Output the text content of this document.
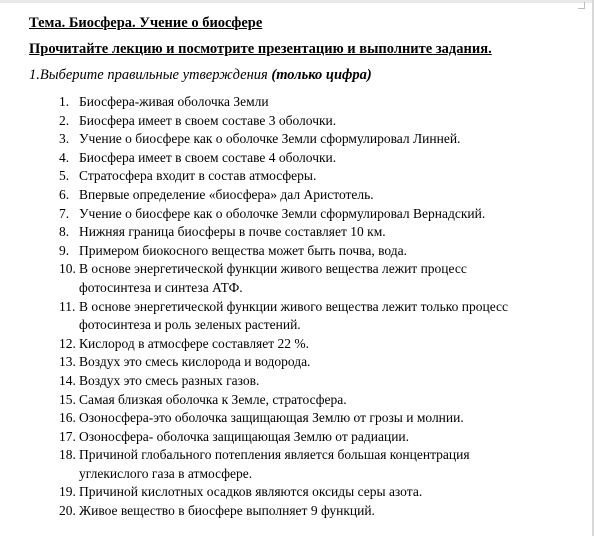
Тема. Биосфера. Учение о биосфере
Прочитайте лекцию и посмотрите презентацию и выполните задания.
1.Выберите правильные утверждения (только цифра)
1. Биосфера-живая оболочка Земли
2. Биосфера имеет в своем составе 3 оболочки.
3. Учение о биосфере как о оболочке Земли сформулировал Линней.
4. Биосфера имеет в своем составе 4 оболочки.
5. Стратосфера входит в состав атмосферы.
6. Впервые определение «биосфера» дал Аристотель.
7. Учение о биосфере как о оболочке Земли сформулировал Вернадский.
8. Нижняя граница биосферы в почве составляет 10 км.
9. Примером биокосного вещества может быть почва, вода.
10. В основе энергетической функции живого вещества лежит процесс фотосинтеза и синтеза АТФ.
11. В основе энергетической функции живого вещества лежит только процесс фотосинтеза и роль зеленых растений.
12. Кислород в атмосфере составляет 22 %.
13. Воздух это смесь кислорода и водорода.
14. Воздух это смесь разных газов.
15. Самая близкая оболочка к Земле, стратосфера.
16. Озоносфера-это оболочка защищающая Землю от грозы и молнии.
17. Озоносфера- оболочка защищающая Землю от радиации.
18. Причиной глобального потепления является большая концентрация углекислого газа в атмосфере.
19. Причиной кислотных осадков являются оксиды серы азота.
20. Живое вещество в биосфере выполняет 9 функций.
